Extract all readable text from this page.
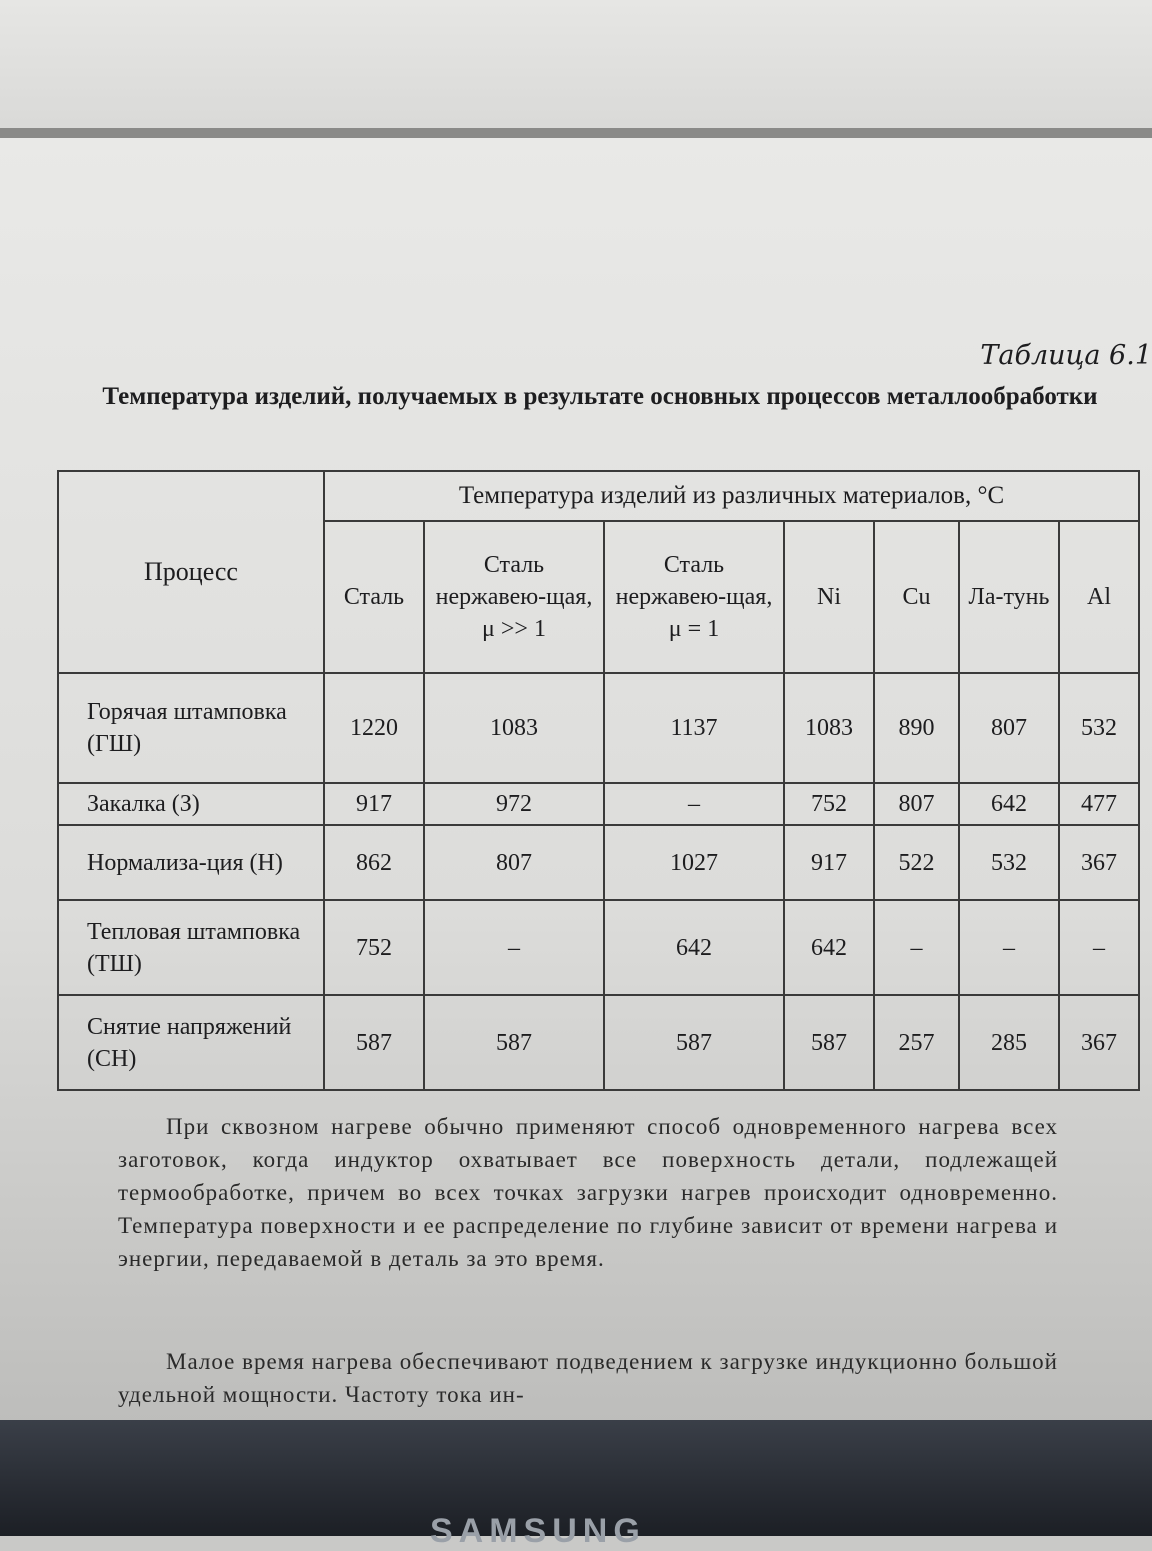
Таблица 6.1
Температура изделий, получаемых в результате основных процессов металлообработки
Процесс	Температура изделий из различных материалов, °C						
	Сталь	Сталь нержавею-щая, μ >> 1	Сталь нержавею-щая, μ = 1	Ni	Cu	Ла-тунь	Al
Горячая штамповка (ГШ)	1220	1083	1137	1083	890	807	532
Закалка (З)	917	972	–	752	807	642	477
Нормализа-ция (Н)	862	807	1027	917	522	532	367
Тепловая штамповка (ТШ)	752	–	642	642	–	–	–
Снятие напряжений (СН)	587	587	587	587	257	285	367
При сквозном нагреве обычно применяют способ одновременного нагрева всех заготовок, когда индуктор охватывает все поверхность детали, подлежащей термообработке, причем во всех точках загрузки нагрев происходит одновременно. Температура поверхности и ее распределение по глубине зависит от времени нагрева и энергии, передаваемой в деталь за это время.
Малое время нагрева обеспечивают подведением к загрузке индукционно большой удельной мощности. Частоту тока ин-
SAMSUNG
